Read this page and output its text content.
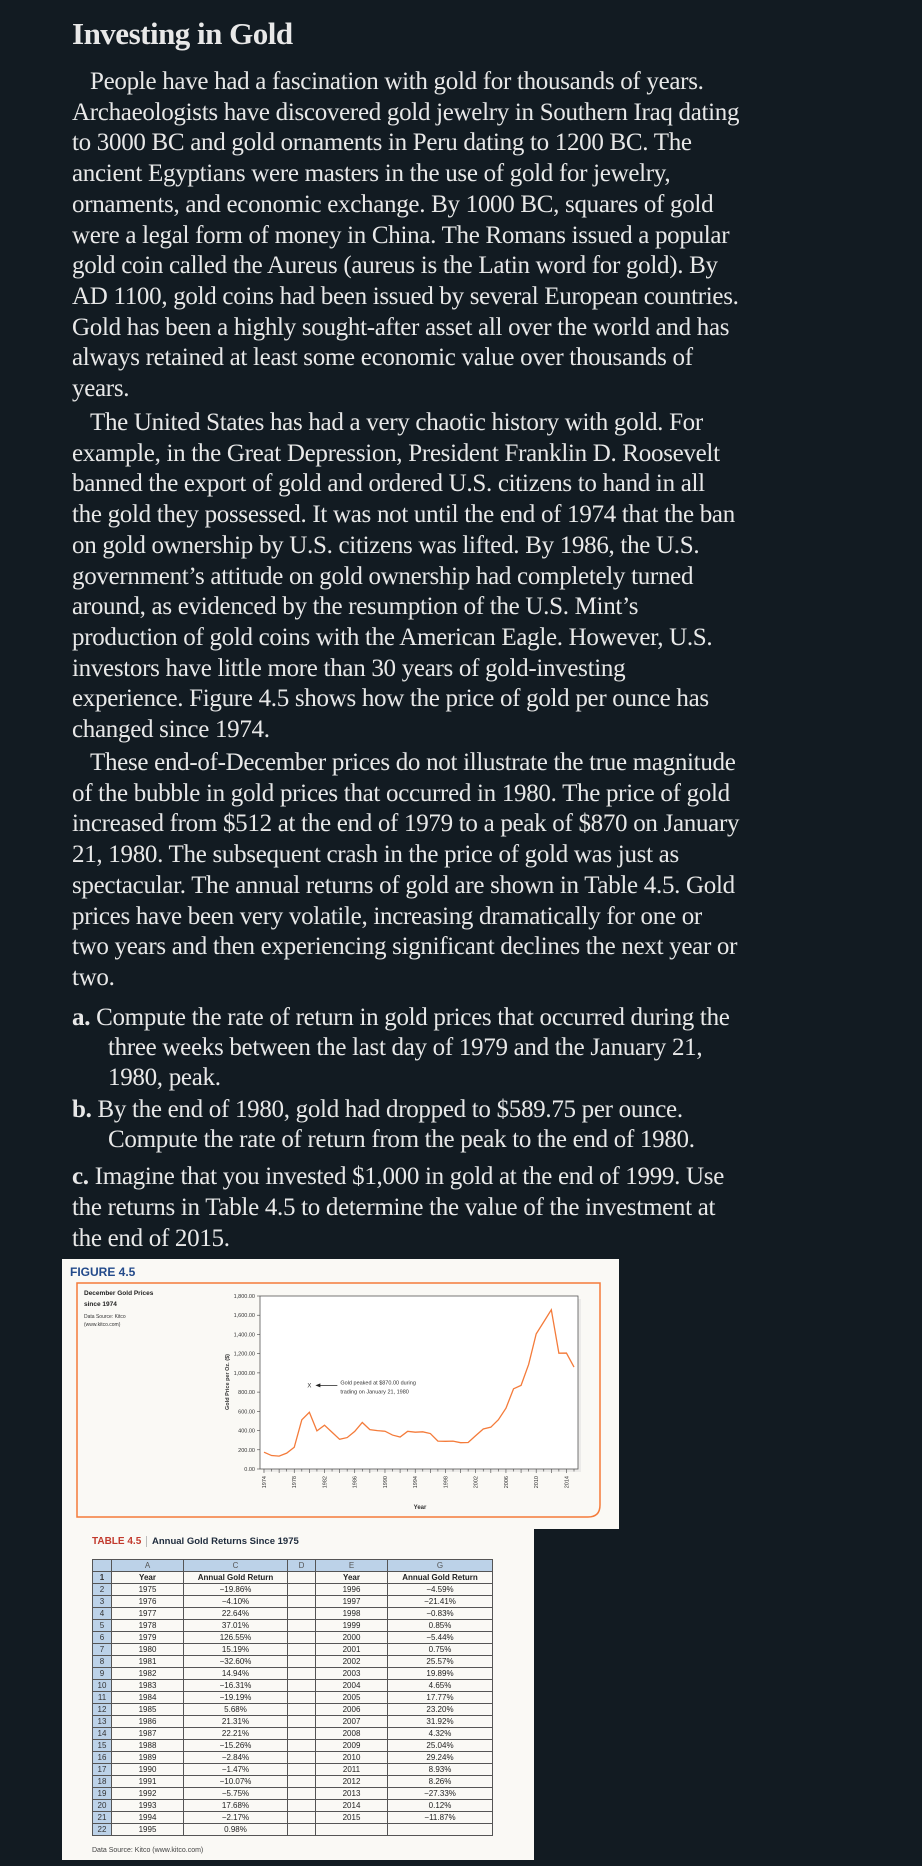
Investing in Gold
People have had a fascination with gold for thousands of years.
Archaeologists have discovered gold jewelry in Southern Iraq dating
to 3000 BC and gold ornaments in Peru dating to 1200 BC. The
ancient Egyptians were masters in the use of gold for jewelry,
ornaments, and economic exchange. By 1000 BC, squares of gold
were a legal form of money in China. The Romans issued a popular
gold coin called the Aureus (aureus is the Latin word for gold). By
AD 1100, gold coins had been issued by several European countries.
Gold has been a highly sought-after asset all over the world and has
always retained at least some economic value over thousands of
years.
The United States has had a very chaotic history with gold. For
example, in the Great Depression, President Franklin D. Roosevelt
banned the export of gold and ordered U.S. citizens to hand in all
the gold they possessed. It was not until the end of 1974 that the ban
on gold ownership by U.S. citizens was lifted. By 1986, the U.S.
government’s attitude on gold ownership had completely turned
around, as evidenced by the resumption of the U.S. Mint’s
production of gold coins with the American Eagle. However, U.S.
investors have little more than 30 years of gold-investing
experience. Figure 4.5 shows how the price of gold per ounce has
changed since 1974.
These end-of-December prices do not illustrate the true magnitude
of the bubble in gold prices that occurred in 1980. The price of gold
increased from $512 at the end of 1979 to a peak of $870 on January
21, 1980. The subsequent crash in the price of gold was just as
spectacular. The annual returns of gold are shown in Table 4.5. Gold
prices have been very volatile, increasing dramatically for one or
two years and then experiencing significant declines the next year or
two.
a. Compute the rate of return in gold prices that occurred during the
three weeks between the last day of 1979 and the January 21,
1980, peak.
b. By the end of 1980, gold had dropped to $589.75 per ounce.
Compute the rate of return from the peak to the end of 1980.
c. Imagine that you invested $1,000 in gold at the end of 1999. Use
the returns in Table 4.5 to determine the value of the investment at
the end of 2015.
FIGURE 4.5
December Gold Prices
since 1974
Data Source: Kitco
(www.kitco.com)
Gold Price per Oz. ($)
Year
0.00
200.00
400.00
600.00
800.00
1,000.00
1,200.00
1,400.00
1,600.00
1,800.00
1974	1978	1982	1986	1990	1994	1998	2002	2006	2010	2014
X	Gold peaked at $870.00 during
trading on January 21, 1980
TABLE 4.5	Annual Gold Returns Since 1975
	A	C	D	E	G
1	Year	Annual Gold Return		Year	Annual Gold Return
2	1975	−19.86%		1996	−4.59%
3	1976	−4.10%		1997	−21.41%
4	1977	22.64%		1998	−0.83%
5	1978	37.01%		1999	0.85%
6	1979	126.55%		2000	−5.44%
7	1980	15.19%		2001	0.75%
8	1981	−32.60%		2002	25.57%
9	1982	14.94%		2003	19.89%
10	1983	−16.31%		2004	4.65%
11	1984	−19.19%		2005	17.77%
12	1985	5.68%		2006	23.20%
13	1986	21.31%		2007	31.92%
14	1987	22.21%		2008	4.32%
15	1988	−15.26%		2009	25.04%
16	1989	−2.84%		2010	29.24%
17	1990	−1.47%		2011	8.93%
18	1991	−10.07%		2012	8.26%
19	1992	−5.75%		2013	−27.33%
20	1993	17.68%		2014	0.12%
21	1994	−2.17%		2015	−11.87%
22	1995	0.98%			
Data Source: Kitco (www.kitco.com)
